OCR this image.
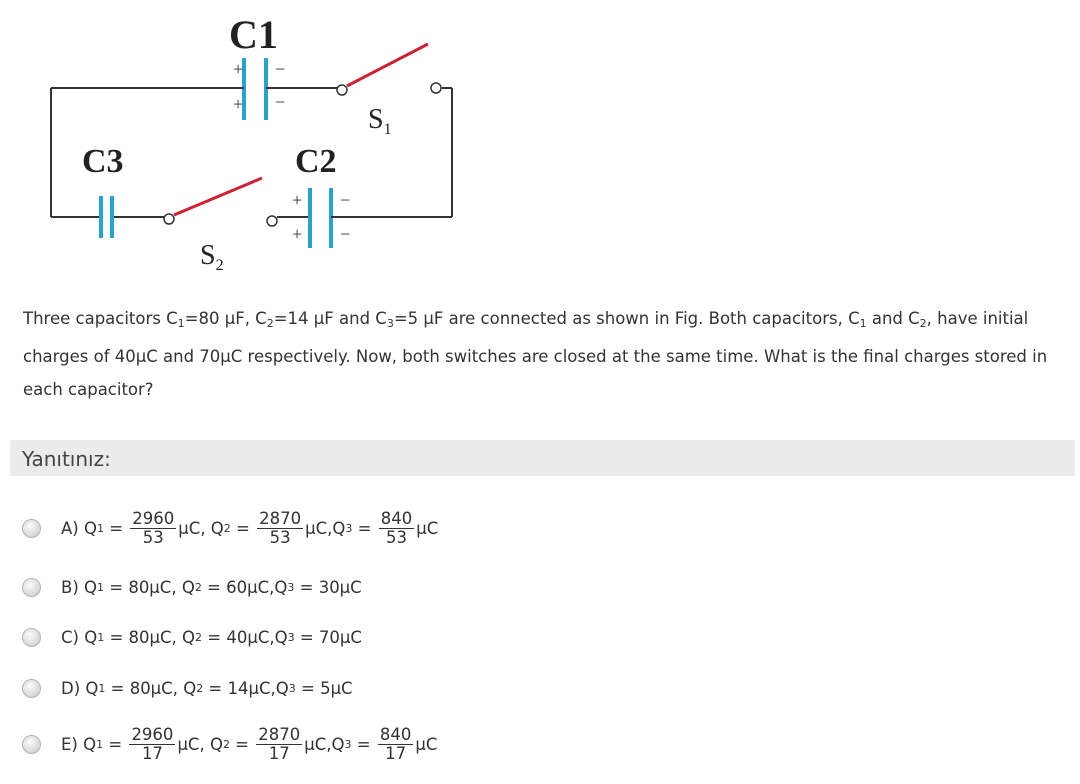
+
+
−
−
C1
$S_1$
C3
$S_2$
C2
+
+
−
−
Three capacitors $C_1=80$ μF, $C_2=14$ μF and $C_3=5$ μF are connected as shown in Fig. Both capacitors, $C_1$ and $C_2$, have initial charges of 40μC and 70μC respectively. Now, both switches are closed at the same time. What is the final charges stored in each capacitor?
Yanıtınız:
A) Q $1 = \frac{2960}{53} \mu C$, Q $2 = \frac{2870}{53} \mu C,Q$ $3 = \frac{840}{53}$ μC
B) Q 1 = 80μC, Q 2 = 60μC,Q 3 = 30μC
C) Q 1 = 80μC, Q 2 = 40μC,Q 3 = 70μC
D) Q 1 = 80μC, Q 2 = 14μC,Q 3 = 5μC
E) Q $1 = \frac{2960}{17} \mu C$, Q $2 = \frac{2870}{17} \mu C,Q$ $3 = \frac{840}{17}$ μC
